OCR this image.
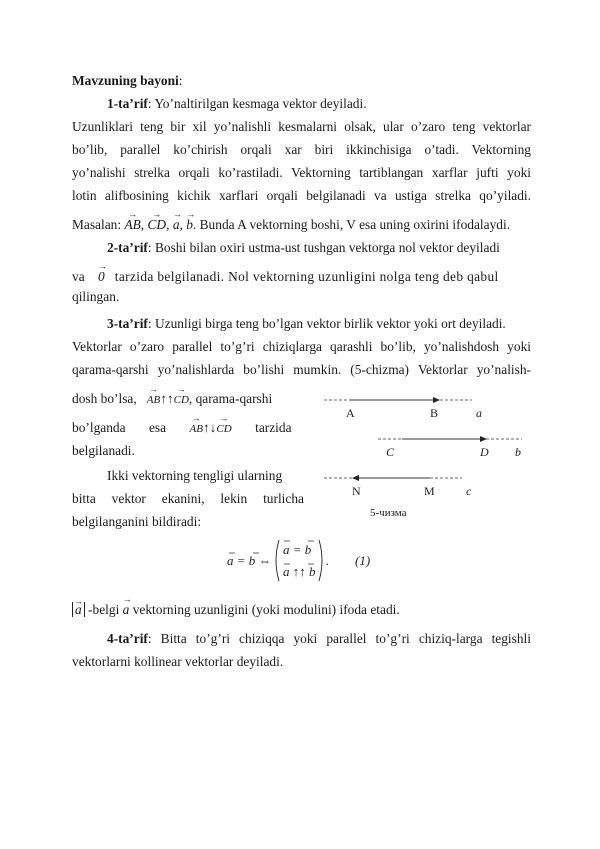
Mavzuning bayoni:
1-ta’rif: Yo’naltirilgan kesmaga vektor deyiladi.
Uzunliklari teng bir xil yo’nalishli kesmalarni olsak, ular o’zaro teng vektorlar
bo’lib, parallel ko’chirish orqali xar biri ikkinchisiga o’tadi. Vektorning
yo’nalishi strelka orqali ko’rastiladi. Vektorning tartiblangan xarflar jufti yoki
lotin alifbosining kichik xarflari orqali belgilanadi va ustiga strelka qo’yiladi.
Masalan: → AB, → CD, → a, → b. Bunda A vektorning boshi, V esa uning oxirini ifodalaydi.
2-ta’rif: Boshi bilan oxiri ustma-ust tushgan vektorga nol vektor deyiladi
va → 0 tarzida belgilanadi. Nol vektorning uzunligini nolga teng deb qabul
qilingan.
3-ta’rif: Uzunligi birga teng bo’lgan vektor birlik vektor yoki ort deyiladi.
Vektorlar o’zaro parallel to’g’ri chiziqlarga qarashli bo’lib, yo’nalishdosh yoki
qarama-qarshi yo’nalishlarda bo’lishi mumkin. (5-chizma) Vektorlar yo’nalish-
dosh bo’lsa, → AB↑↑→ CD, qarama-qarshi
bo’lganda esa → AB↑↓→ CD tarzida
belgilanadi.
Ikki vektorning tengligi ularning
bitta vektor ekanini, lekin turlicha
belgilanganini bildiradi:
A	B	a
C	D b
N	M	c
5-чизма
a = b ⇔
a = b
a ↑↑ b
. (1)
→ a -belgi → a vektorning uzunligini (yoki modulini) ifoda etadi.
4-ta’rif: Bitta to’g’ri chiziqqa yoki parallel to’g’ri chiziq-larga tegishli
vektorlarni kollinear vektorlar deyiladi.
